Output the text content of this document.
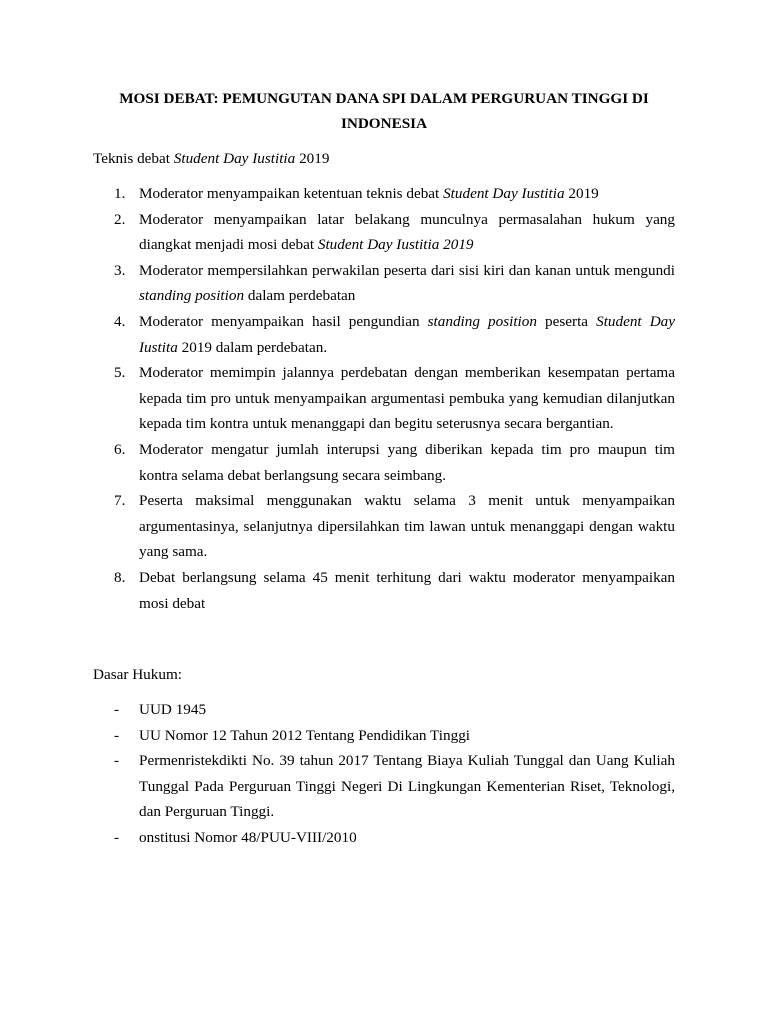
MOSI DEBAT: PEMUNGUTAN DANA SPI DALAM PERGURUAN TINGGI DI
INDONESIA

Teknis debat Student Day Iustitia 2019

1. Moderator menyampaikan ketentuan teknis debat Student Day Iustitia 2019
2. Moderator menyampaikan latar belakang munculnya permasalahan hukum yang diangkat menjadi mosi debat Student Day Iustitia 2019
3. Moderator mempersilahkan perwakilan peserta dari sisi kiri dan kanan untuk mengundi standing position dalam perdebatan
4. Moderator menyampaikan hasil pengundian standing position peserta Student Day Iustita 2019 dalam perdebatan.
5. Moderator memimpin jalannya perdebatan dengan memberikan kesempatan pertama kepada tim pro untuk menyampaikan argumentasi pembuka yang kemudian dilanjutkan kepada tim kontra untuk menanggapi dan begitu seterusnya secara bergantian.
6. Moderator mengatur jumlah interupsi yang diberikan kepada tim pro maupun tim kontra selama debat berlangsung secara seimbang.
7. Peserta maksimal menggunakan waktu selama 3 menit untuk menyampaikan argumentasinya, selanjutnya dipersilahkan tim lawan untuk menanggapi dengan waktu yang sama.
8. Debat berlangsung selama 45 menit terhitung dari waktu moderator menyampaikan mosi debat

Dasar Hukum:

- UUD 1945
- UU Nomor 12 Tahun 2012 Tentang Pendidikan Tinggi
- Permenristekdikti No. 39 tahun 2017 Tentang Biaya Kuliah Tunggal dan Uang Kuliah Tunggal Pada Perguruan Tinggi Negeri Di Lingkungan Kementerian Riset, Teknologi, dan Perguruan Tinggi.
- onstitusi Nomor 48/PUU-VIII/2010
